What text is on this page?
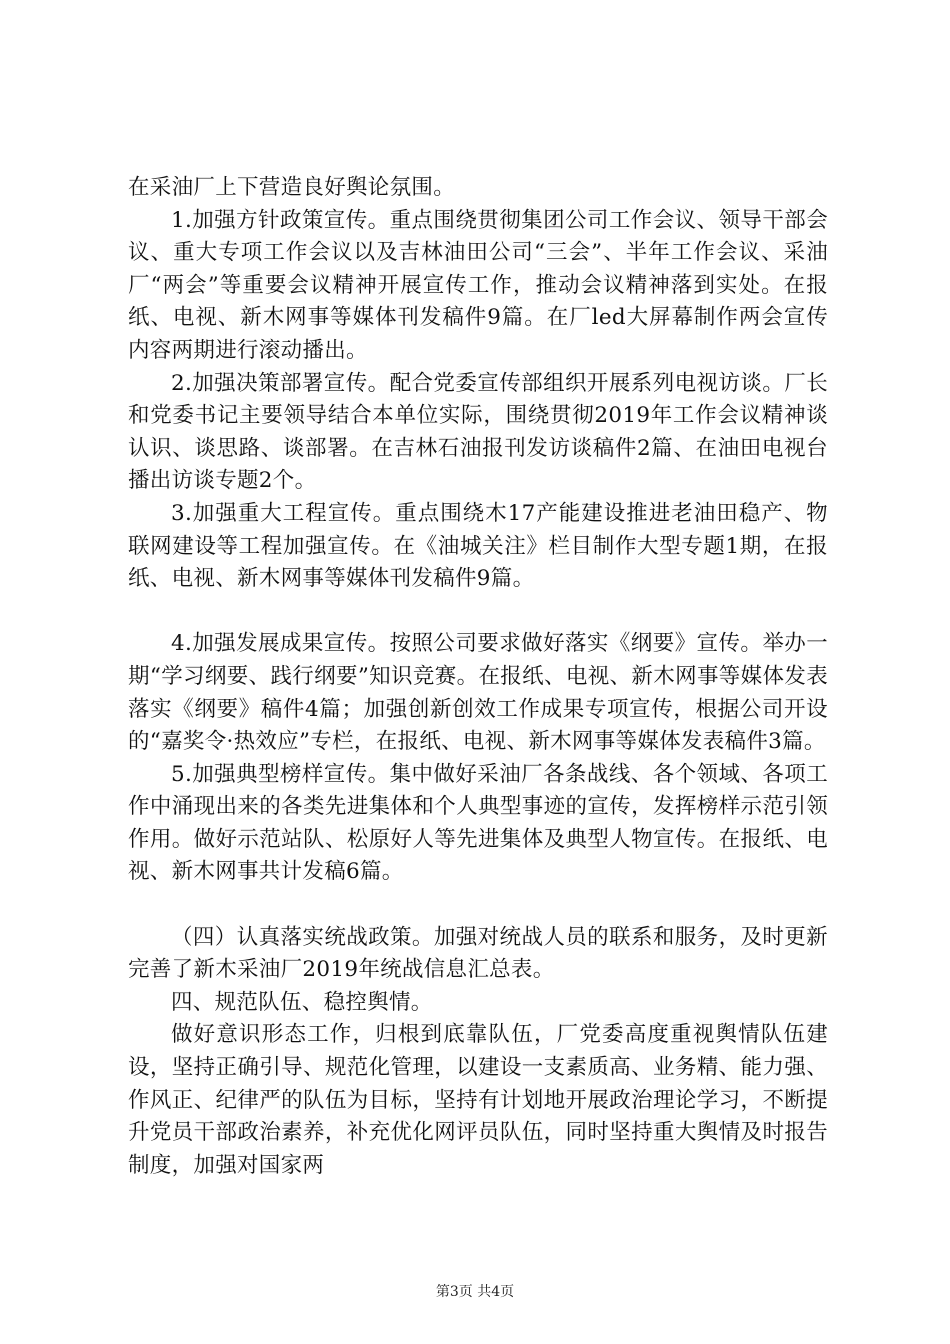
在采油厂上下营造良好舆论氛围。

1.加强方针政策宣传。重点围绕贯彻集团公司工作会议、领导干部会议、重大专项工作会议以及吉林油田公司“三会”、半年工作会议、采油厂“两会”等重要会议精神开展宣传工作，推动会议精神落到实处。在报纸、电视、新木网事等媒体刊发稿件9篇。在厂led大屏幕制作两会宣传内容两期进行滚动播出。

2.加强决策部署宣传。配合党委宣传部组织开展系列电视访谈。厂长和党委书记主要领导结合本单位实际，围绕贯彻2019年工作会议精神谈认识、谈思路、谈部署。在吉林石油报刊发访谈稿件2篇、在油田电视台播出访谈专题2个。

3.加强重大工程宣传。重点围绕木17产能建设推进老油田稳产、物联网建设等工程加强宣传。在《油城关注》栏目制作大型专题1期，在报纸、电视、新木网事等媒体刊发稿件9篇。

4.加强发展成果宣传。按照公司要求做好落实《纲要》宣传。举办一期“学习纲要、践行纲要”知识竞赛。在报纸、电视、新木网事等媒体发表落实《纲要》稿件4篇；加强创新创效工作成果专项宣传，根据公司开设的“嘉奖令·热效应”专栏，在报纸、电视、新木网事等媒体发表稿件3篇。

5.加强典型榜样宣传。集中做好采油厂各条战线、各个领域、各项工作中涌现出来的各类先进集体和个人典型事迹的宣传，发挥榜样示范引领作用。做好示范站队、松原好人等先进集体及典型人物宣传。在报纸、电视、新木网事共计发稿6篇。

（四）认真落实统战政策。加强对统战人员的联系和服务，及时更新完善了新木采油厂2019年统战信息汇总表。

四、规范队伍、稳控舆情。

做好意识形态工作，归根到底靠队伍，厂党委高度重视舆情队伍建设，坚持正确引导、规范化管理，以建设一支素质高、业务精、能力强、作风正、纪律严的队伍为目标，坚持有计划地开展政治理论学习，不断提升党员干部政治素养，补充优化网评员队伍，同时坚持重大舆情及时报告制度，加强对国家两

第3页 共4页
